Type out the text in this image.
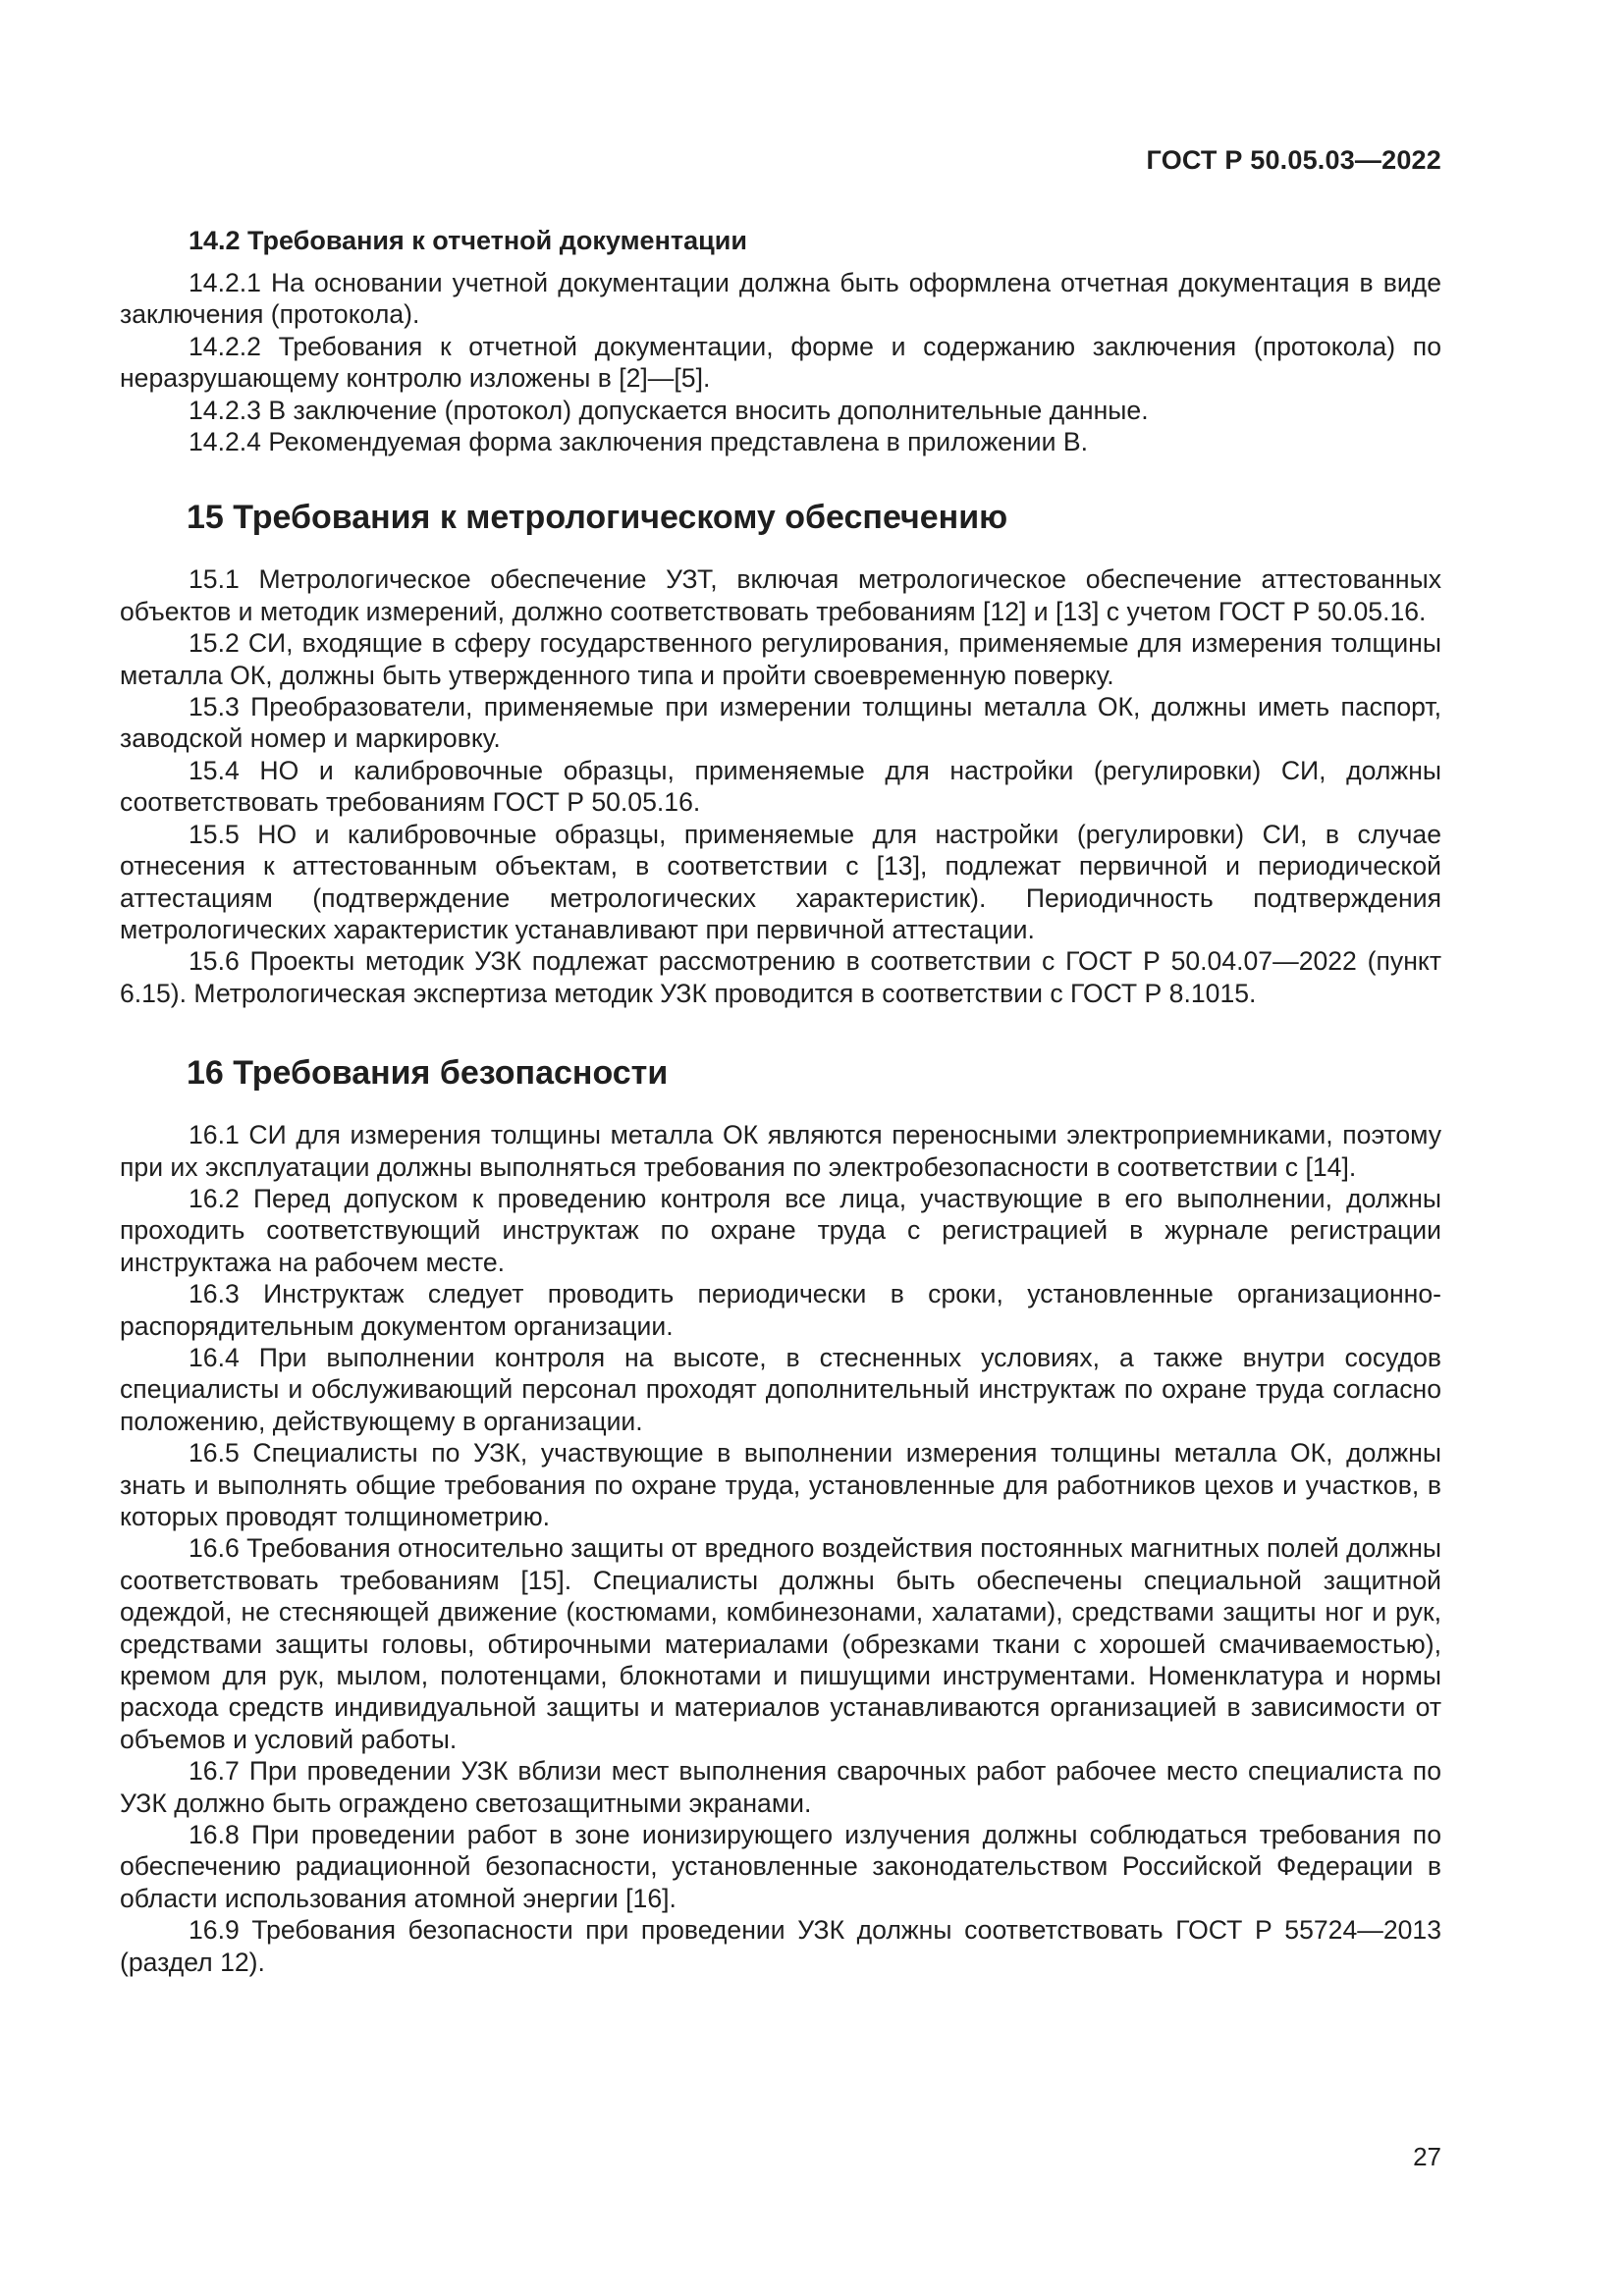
ГОСТ Р 50.05.03—2022
14.2 Требования к отчетной документации

14.2.1 На основании учетной документации должна быть оформлена отчетная документация в виде заключения (протокола).

14.2.2 Требования к отчетной документации, форме и содержанию заключения (протокола) по неразрушающему контролю изложены в [2]—[5].

14.2.3 В заключение (протокол) допускается вносить дополнительные данные.

14.2.4 Рекомендуемая форма заключения представлена в приложении В.

15 Требования к метрологическому обеспечению

15.1 Метрологическое обеспечение УЗТ, включая метрологическое обеспечение аттестованных объектов и методик измерений, должно соответствовать требованиям [12] и [13] с учетом ГОСТ Р 50.05.16.

15.2 СИ, входящие в сферу государственного регулирования, применяемые для измерения толщины металла ОК, должны быть утвержденного типа и пройти своевременную поверку.

15.3 Преобразователи, применяемые при измерении толщины металла ОК, должны иметь паспорт, заводской номер и маркировку.

15.4 НО и калибровочные образцы, применяемые для настройки (регулировки) СИ, должны соответствовать требованиям ГОСТ Р 50.05.16.

15.5 НО и калибровочные образцы, применяемые для настройки (регулировки) СИ, в случае отнесения к аттестованным объектам, в соответствии с [13], подлежат первичной и периодической аттестациям (подтверждение метрологических характеристик). Периодичность подтверждения метрологических характеристик устанавливают при первичной аттестации.

15.6 Проекты методик УЗК подлежат рассмотрению в соответствии с ГОСТ Р 50.04.07—2022 (пункт 6.15). Метрологическая экспертиза методик УЗК проводится в соответствии с ГОСТ Р 8.1015.

16 Требования безопасности

16.1 СИ для измерения толщины металла ОК являются переносными электроприемниками, поэтому при их эксплуатации должны выполняться требования по электробезопасности в соответствии с [14].

16.2 Перед допуском к проведению контроля все лица, участвующие в его выполнении, должны проходить соответствующий инструктаж по охране труда с регистрацией в журнале регистрации инструктажа на рабочем месте.

16.3 Инструктаж следует проводить периодически в сроки, установленные организационно-распорядительным документом организации.

16.4 При выполнении контроля на высоте, в стесненных условиях, а также внутри сосудов специалисты и обслуживающий персонал проходят дополнительный инструктаж по охране труда согласно положению, действующему в организации.

16.5 Специалисты по УЗК, участвующие в выполнении измерения толщины металла ОК, должны знать и выполнять общие требования по охране труда, установленные для работников цехов и участков, в которых проводят толщинометрию.

16.6 Требования относительно защиты от вредного воздействия постоянных магнитных полей должны соответствовать требованиям [15]. Специалисты должны быть обеспечены специальной защитной одеждой, не стесняющей движение (костюмами, комбинезонами, халатами), средствами защиты ног и рук, средствами защиты головы, обтирочными материалами (обрезками ткани с хорошей смачиваемостью), кремом для рук, мылом, полотенцами, блокнотами и пишущими инструментами. Номенклатура и нормы расхода средств индивидуальной защиты и материалов устанавливаются организацией в зависимости от объемов и условий работы.

16.7 При проведении УЗК вблизи мест выполнения сварочных работ рабочее место специалиста по УЗК должно быть ограждено светозащитными экранами.

16.8 При проведении работ в зоне ионизирующего излучения должны соблюдаться требования по обеспечению радиационной безопасности, установленные законодательством Российской Федерации в области использования атомной энергии [16].

16.9 Требования безопасности при проведении УЗК должны соответствовать ГОСТ Р 55724—2013 (раздел 12).

27
